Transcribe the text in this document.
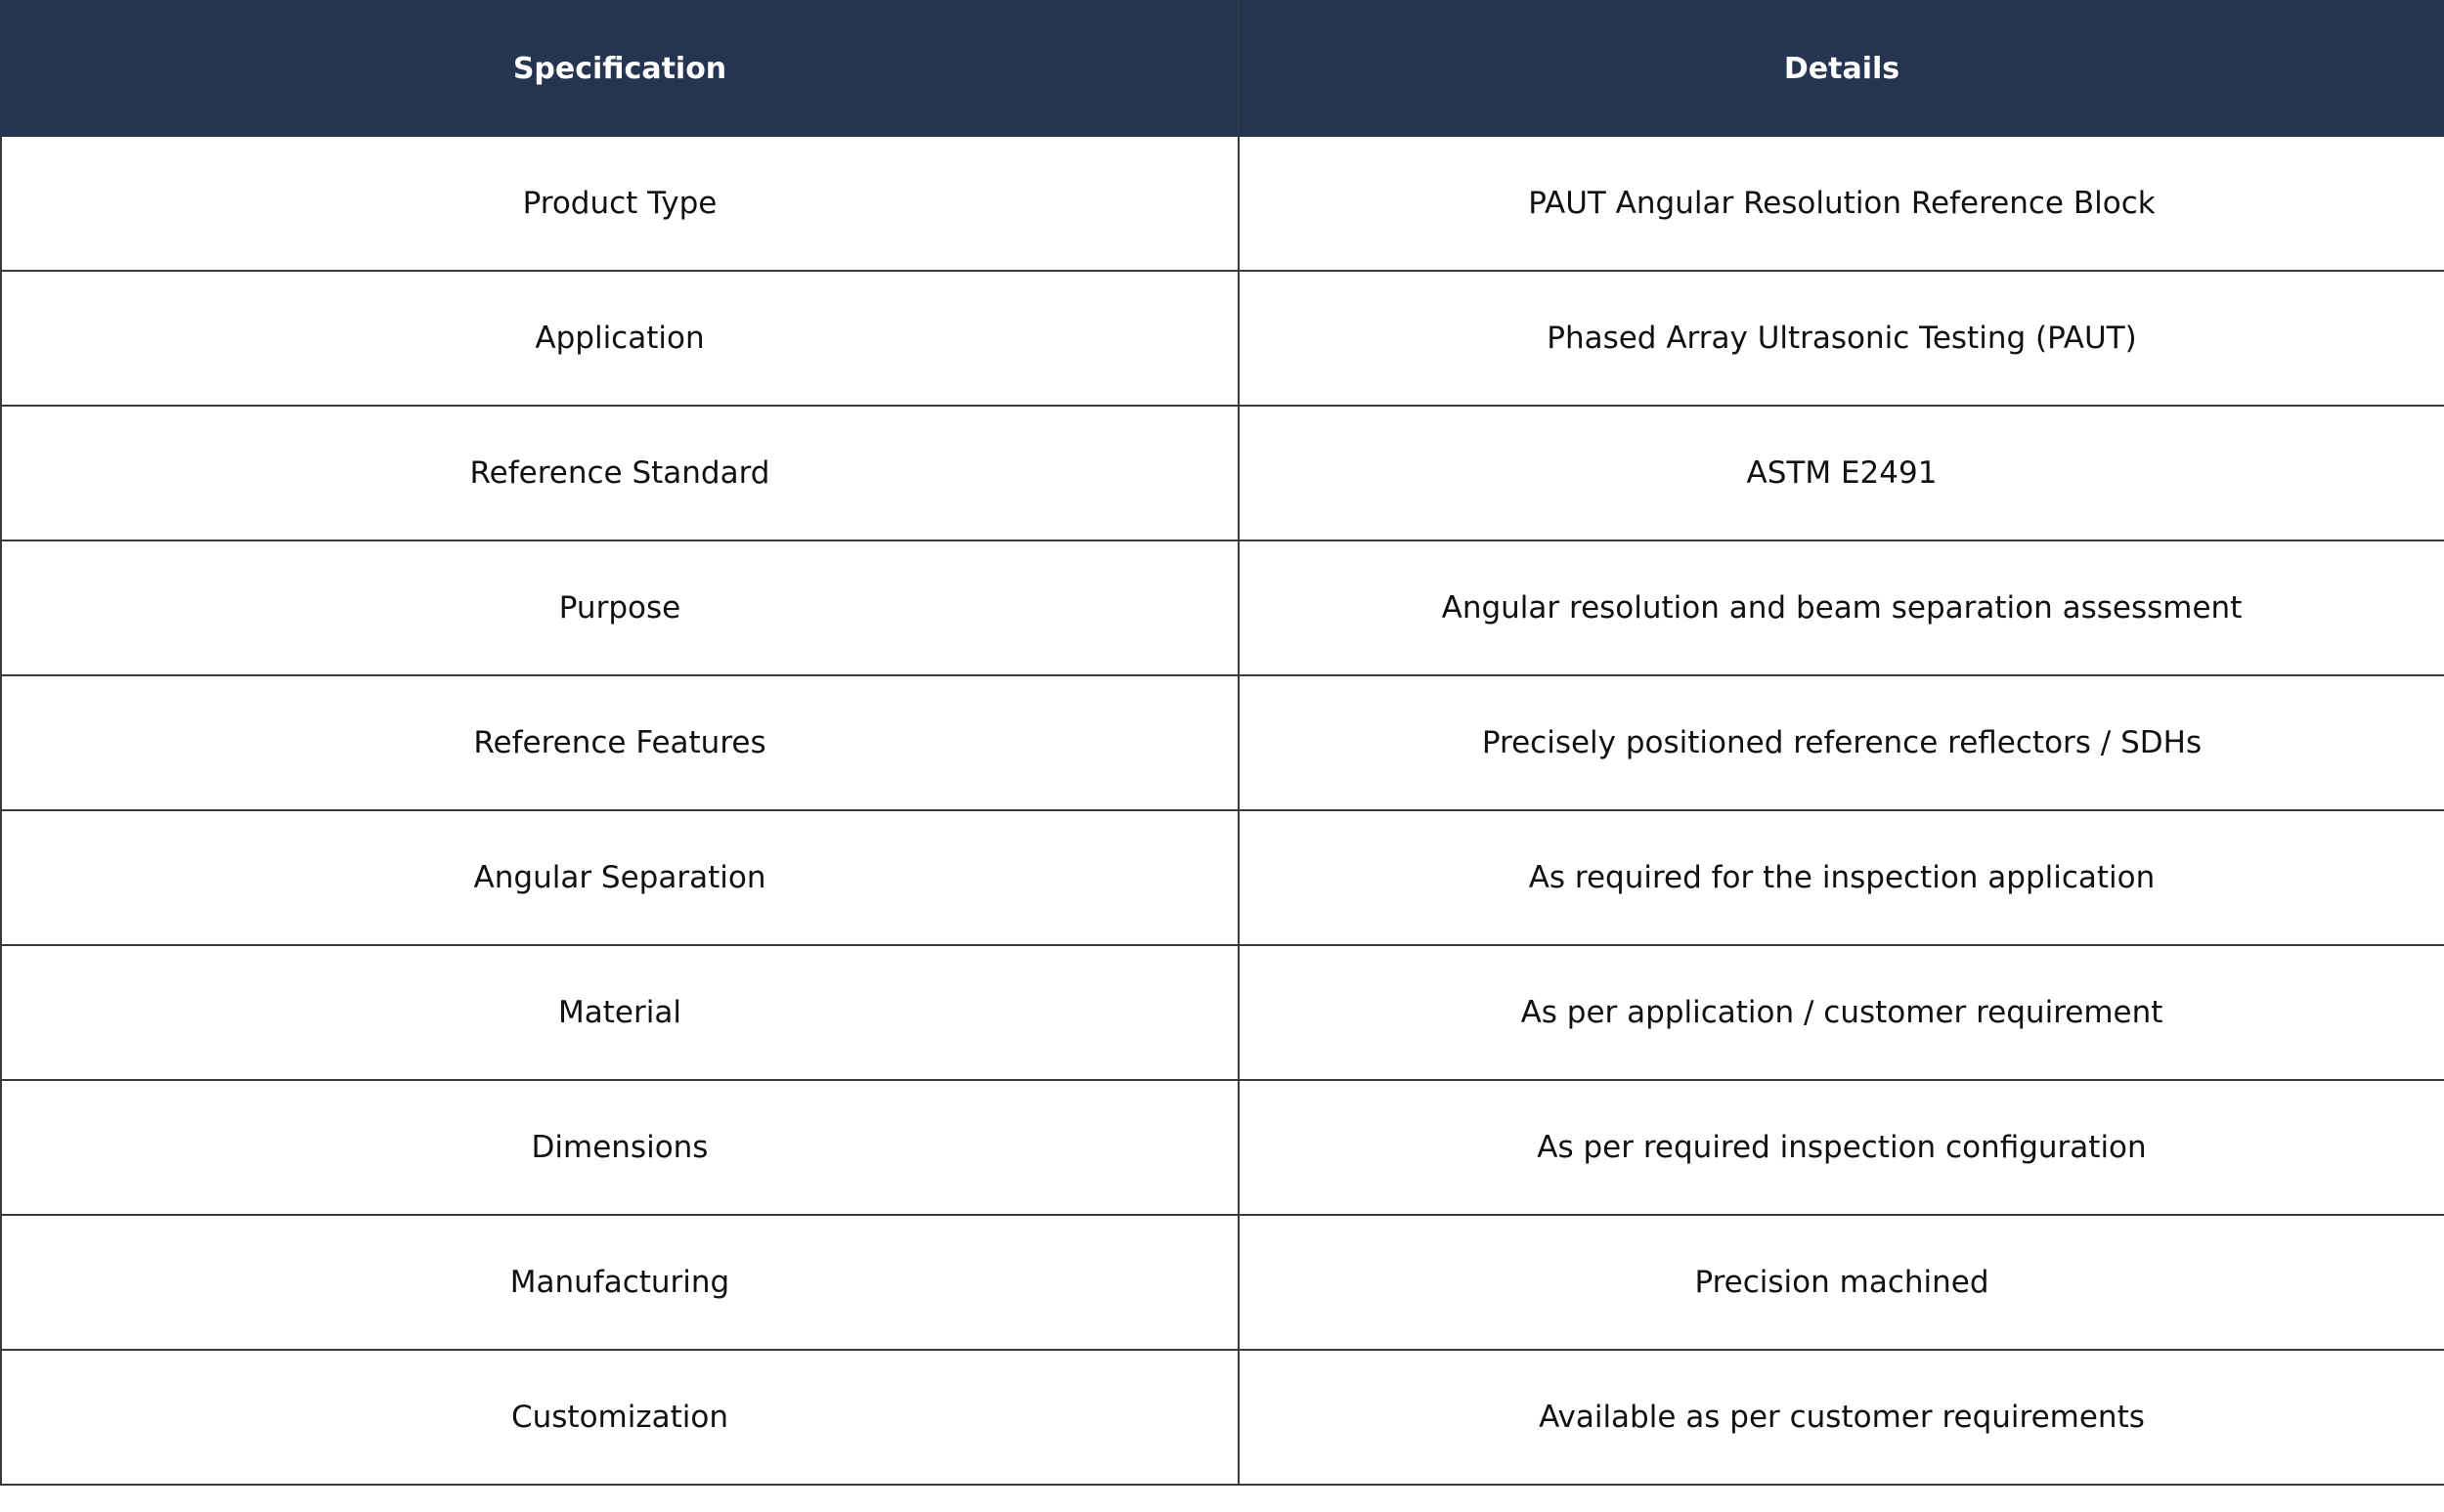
Specification	Details
Product Type	PAUT Angular Resolution Reference Block
Application	Phased Array Ultrasonic Testing (PAUT)
Reference Standard	ASTM E2491
Purpose	Angular resolution and beam separation assessment
Reference Features	Precisely positioned reference reflectors / SDHs
Angular Separation	As required for the inspection application
Material	As per application / customer requirement
Dimensions	As per required inspection configuration
Manufacturing	Precision machined
Customization	Available as per customer requirements
